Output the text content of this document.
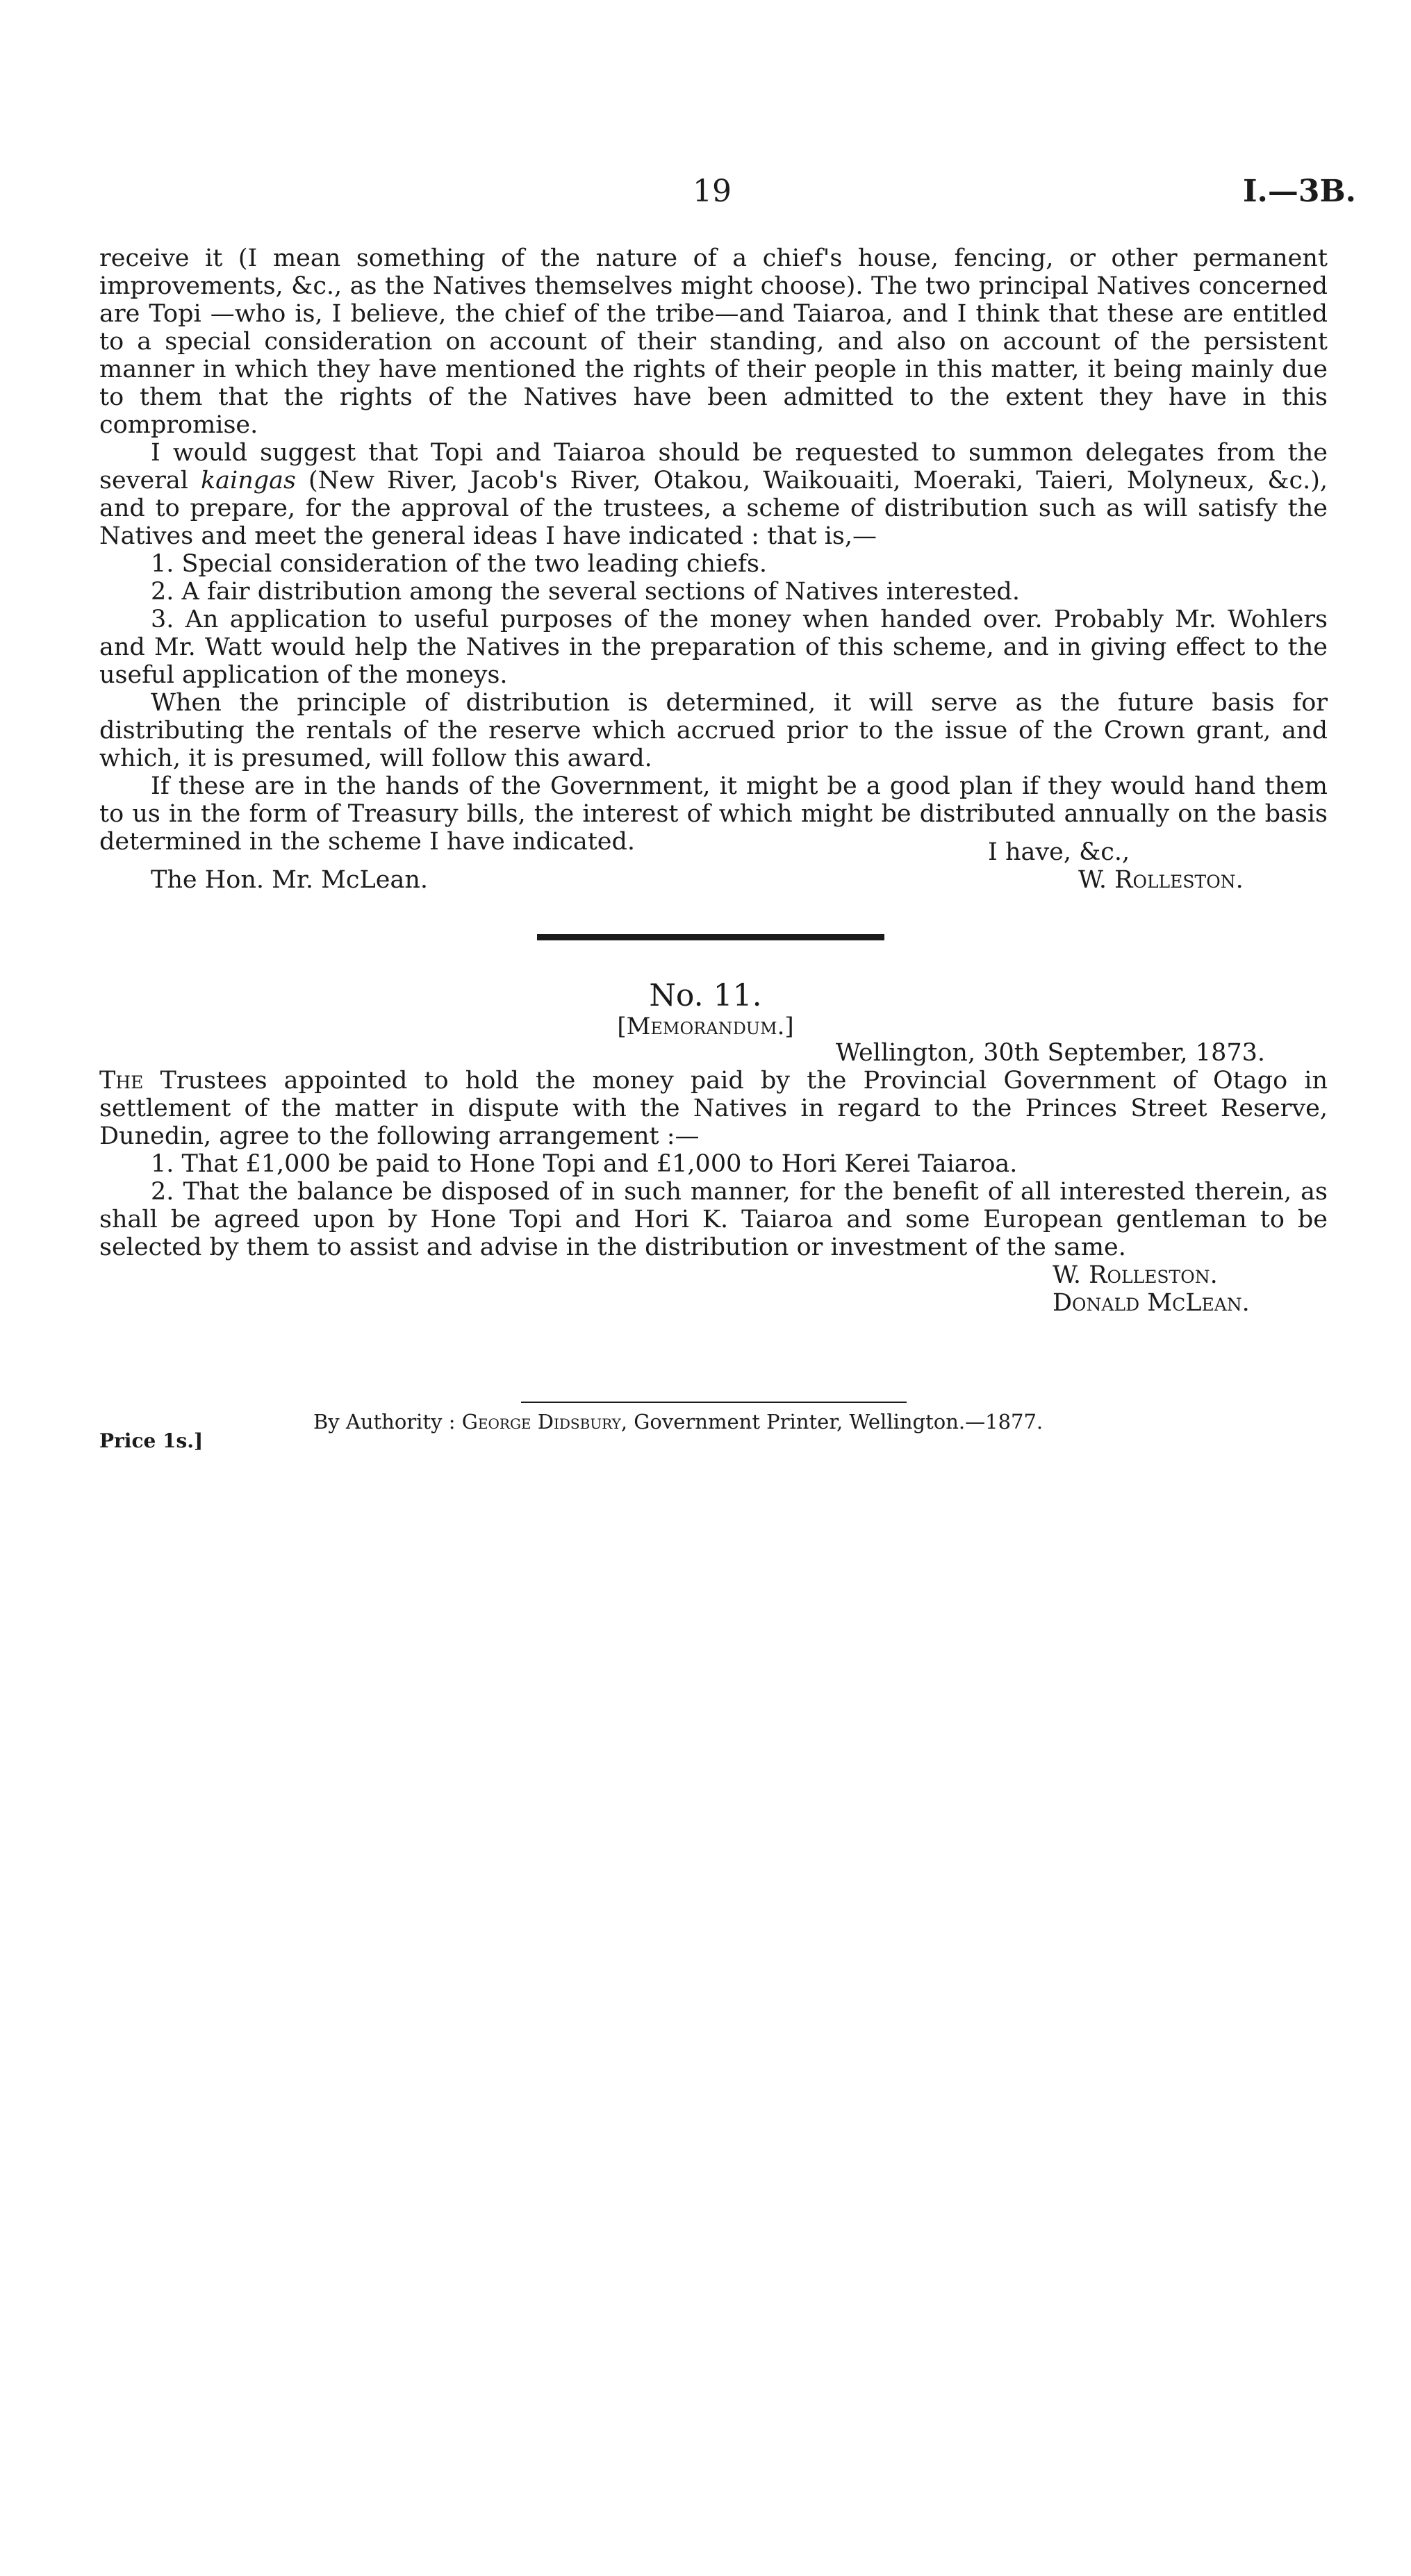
19	I.—3B.

receive it (I mean something of the nature of a chief's house, fencing, or other permanent improvements, &c., as the Natives themselves might choose). The two principal Natives concerned are Topi —who is, I believe, the chief of the tribe—and Taiaroa, and I think that these are entitled to a special consideration on account of their standing, and also on account of the persistent manner in which they have mentioned the rights of their people in this matter, it being mainly due to them that the rights of the Natives have been admitted to the extent they have in this compromise.

I would suggest that Topi and Taiaroa should be requested to summon delegates from the several kaingas (New River, Jacob's River, Otakou, Waikouaiti, Moeraki, Taieri, Molyneux, &c.), and to prepare, for the approval of the trustees, a scheme of distribution such as will satisfy the Natives and meet the general ideas I have indicated : that is,—

1. Special consideration of the two leading chiefs.

2. A fair distribution among the several sections of Natives interested.

3. An application to useful purposes of the money when handed over. Probably Mr. Wohlers and Mr. Watt would help the Natives in the preparation of this scheme, and in giving effect to the useful application of the moneys.

When the principle of distribution is determined, it will serve as the future basis for distributing the rentals of the reserve which accrued prior to the issue of the Crown grant, and which, it is presumed, will follow this award.

If these are in the hands of the Government, it might be a good plan if they would hand them to us in the form of Treasury bills, the interest of which might be distributed annually on the basis determined in the scheme I have indicated.	I have, &c.,
The Hon. Mr. McLean.	W. Rolleston.
No. 11.
[Memorandum.]
Wellington, 30th September, 1873.

The Trustees appointed to hold the money paid by the Provincial Government of Otago in settlement of the matter in dispute with the Natives in regard to the Princes Street Reserve, Dunedin, agree to the following arrangement :—

1. That £1,000 be paid to Hone Topi and £1,000 to Hori Kerei Taiaroa.

2. That the balance be disposed of in such manner, for the benefit of all interested therein, as shall be agreed upon by Hone Topi and Hori K. Taiaroa and some European gentleman to be selected by them to assist and advise in the distribution or investment of the same.

W. Rolleston.
Donald McLean.
By Authority : George Didsbury, Government Printer, Wellington.—1877.
Price 1s.]
